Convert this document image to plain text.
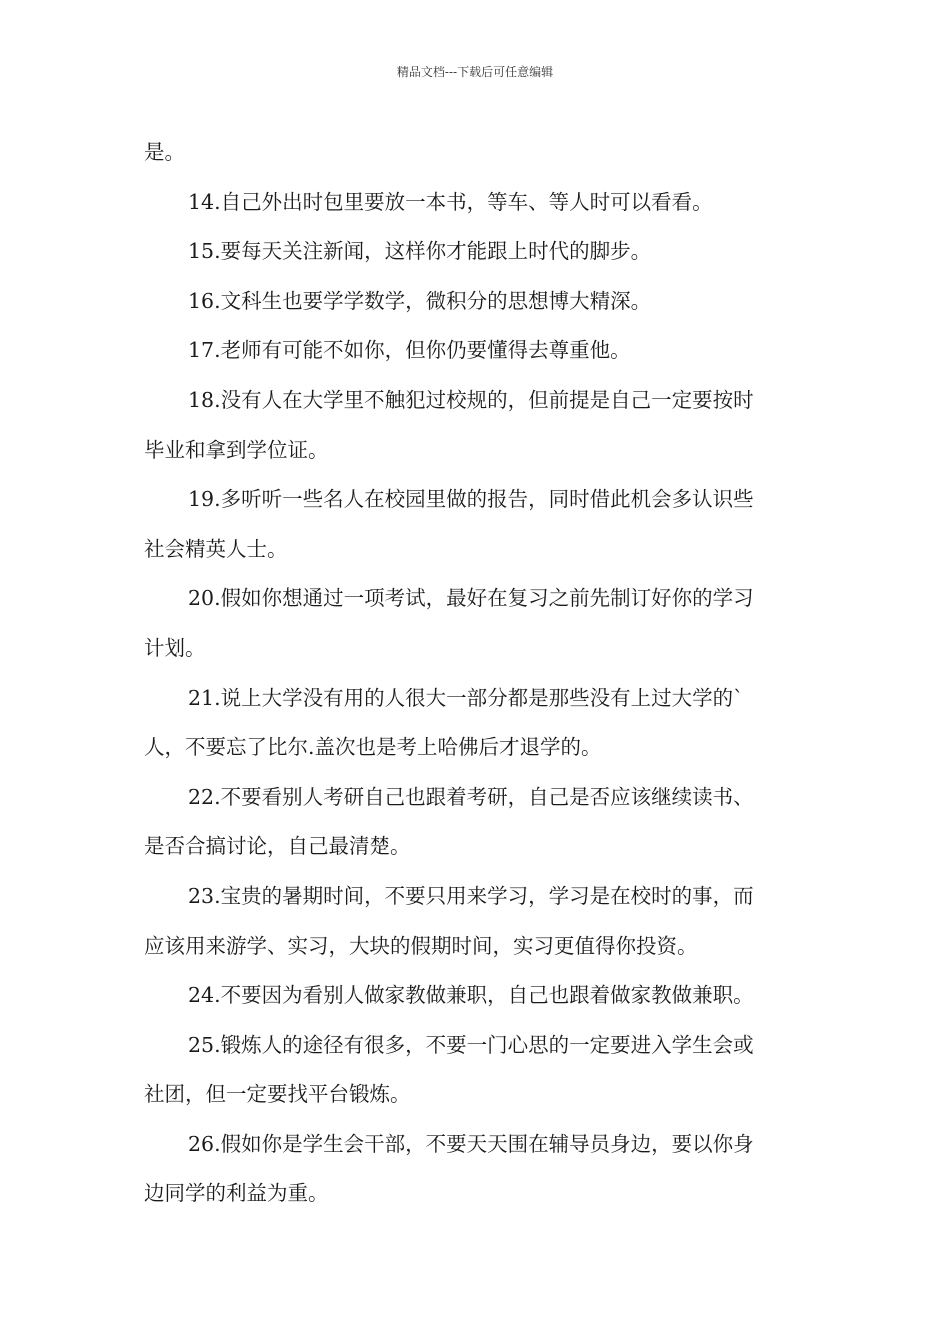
精品文档---下载后可任意编辑
是。
14.自己外出时包里要放一本书，等车、等人时可以看看。
15.要每天关注新闻，这样你才能跟上时代的脚步。
16.文科生也要学学数学，微积分的思想博大精深。
17.老师有可能不如你，但你仍要懂得去尊重他。
18.没有人在大学里不触犯过校规的，但前提是自己一定要按时
毕业和拿到学位证。
19.多听听一些名人在校园里做的报告，同时借此机会多认识些
社会精英人士。
20.假如你想通过一项考试，最好在复习之前先制订好你的学习
计划。
21.说上大学没有用的人很大一部分都是那些没有上过大学的`
人，不要忘了比尔.盖次也是考上哈佛后才退学的。
22.不要看别人考研自己也跟着考研，自己是否应该继续读书、
是否合搞讨论，自己最清楚。
23.宝贵的暑期时间，不要只用来学习，学习是在校时的事，而
应该用来游学、实习，大块的假期时间，实习更值得你投资。
24.不要因为看别人做家教做兼职，自己也跟着做家教做兼职。
25.锻炼人的途径有很多，不要一门心思的一定要进入学生会或
社团，但一定要找平台锻炼。
26.假如你是学生会干部，不要天天围在辅导员身边，要以你身
边同学的利益为重。
